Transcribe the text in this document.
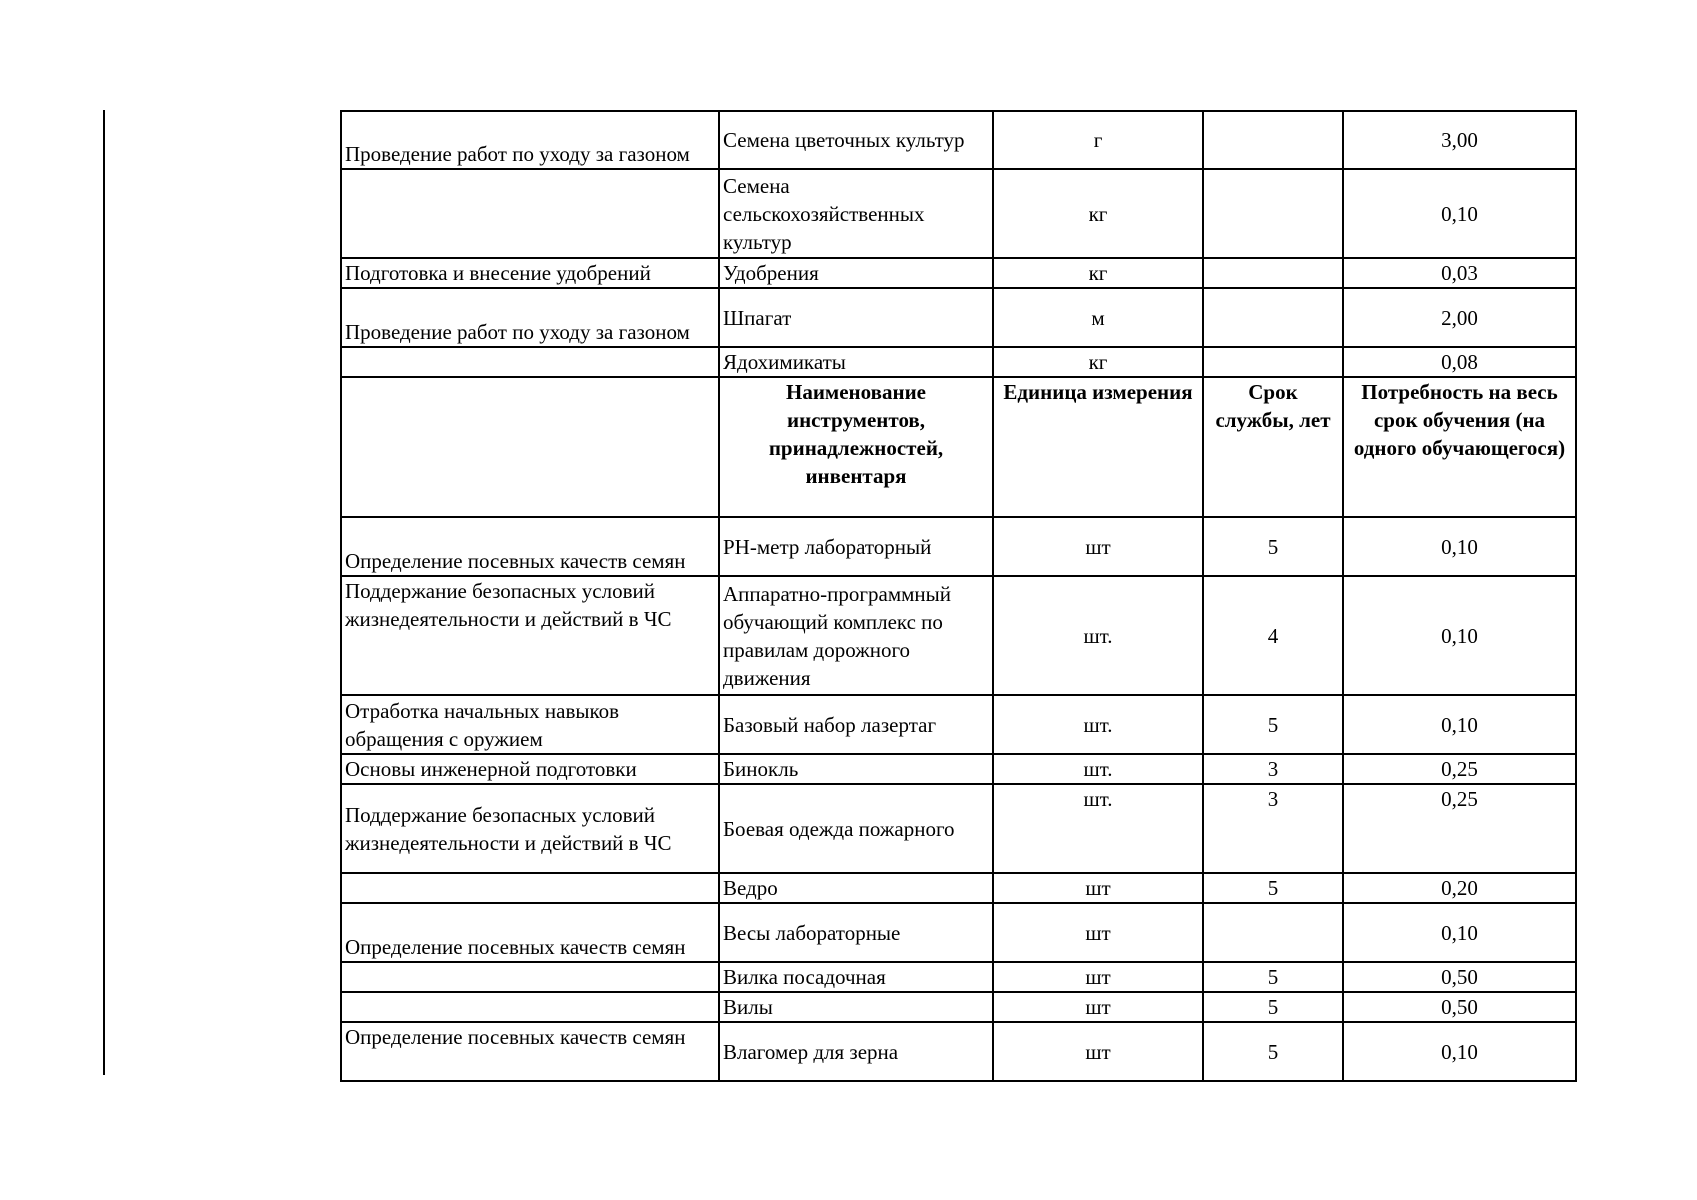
Проведение работ по уходу за газоном	Семена цветочных культур	г		3,00
	Семена сельскохозяйственных культур	кг		0,10
Подготовка и внесение удобрений	Удобрения	кг		0,03
Проведение работ по уходу за газоном	Шпагат	м		2,00
	Ядохимикаты	кг		0,08
	Наименование инструментов, принадлежностей, инвентаря	Единица измерения	Срок службы, лет	Потребность на весь срок обучения (на одного обучающегося)
Определение посевных качеств семян	PH-метр лабораторный	шт	5	0,10
Поддержание безопасных условий жизнедеятельности и действий в ЧС	Аппаратно-программный обучающий комплекс по правилам дорожного движения	шт.	4	0,10
Отработка начальных навыков обращения с оружием	Базовый набор лазертаг	шт.	5	0,10
Основы инженерной подготовки	Бинокль	шт.	3	0,25
Поддержание безопасных условий жизнедеятельности и действий в ЧС	Боевая одежда пожарного	шт.	3	0,25
	Ведро	шт	5	0,20
Определение посевных качеств семян	Весы лабораторные	шт		0,10
	Вилка посадочная	шт	5	0,50
	Вилы	шт	5	0,50
Определение посевных качеств семян	Влагомер для зерна	шт	5	0,10
